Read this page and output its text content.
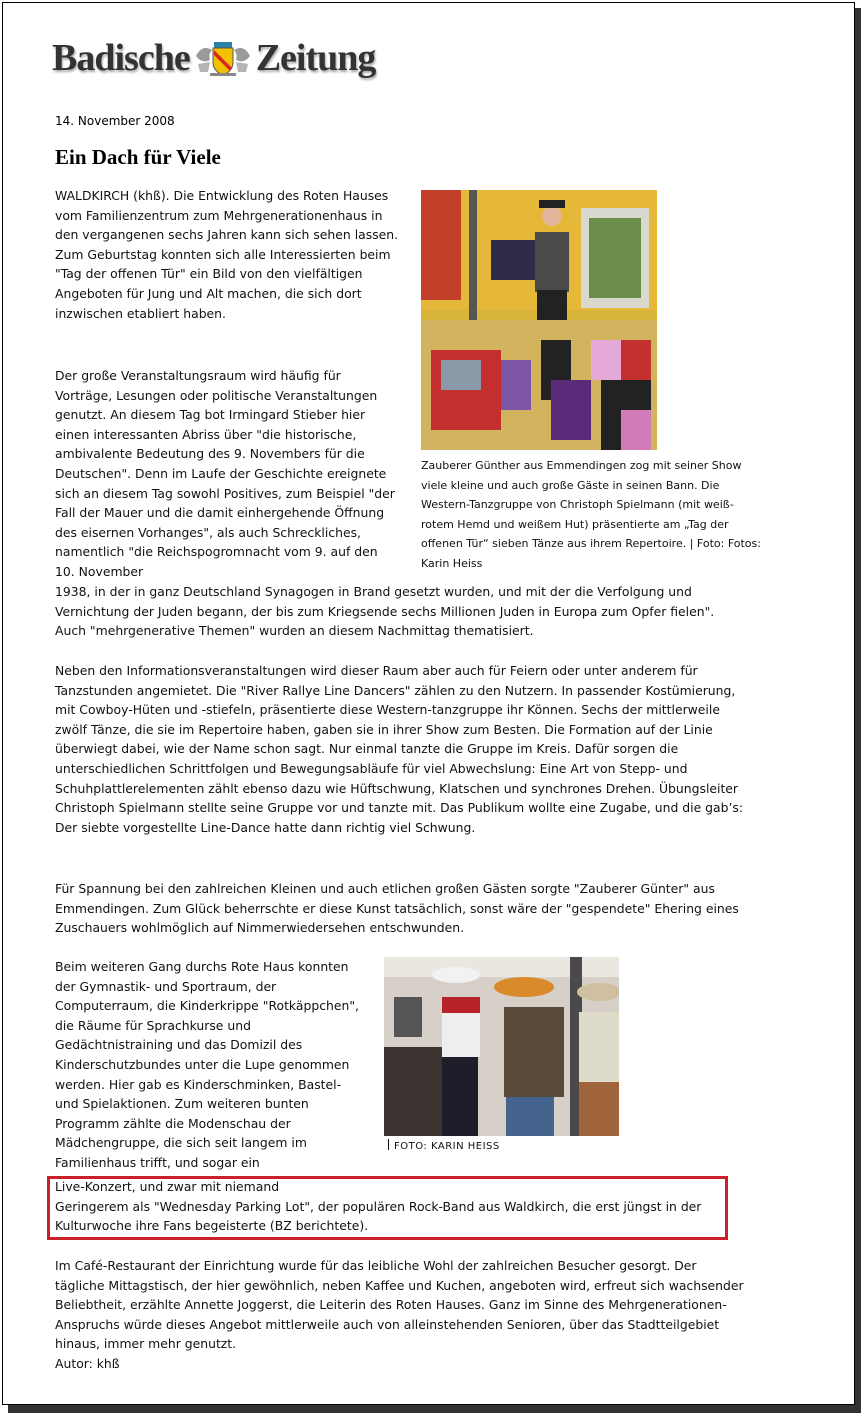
Badische Zeitung
14. November 2008
Ein Dach für Viele

WALDKIRCH (khß). Die Entwicklung des Roten Hauses vom Familienzentrum zum Mehrgenerationenhaus in den vergangenen sechs Jahren kann sich sehen lassen. Zum Geburtstag konnten sich alle Interessierten beim "Tag der offenen Tür" ein Bild von den vielfältigen Angeboten für Jung und Alt machen, die sich dort inzwischen etabliert haben.

Der große Veranstaltungsraum wird häufig für Vorträge, Lesungen oder politische Veranstaltungen genutzt. An diesem Tag bot Irmingard Stieber hier einen interessanten Abriss über "die historische, ambivalente Bedeutung des 9. Novembers für die Deutschen". Denn im Laufe der Geschichte ereignete sich an diesem Tag sowohl Positives, zum Beispiel "der Fall der Mauer und die damit einhergehende Öffnung des eisernen Vorhanges", als auch Schreckliches, namentlich "die Reichspogromnacht vom 9. auf den 10. November

1938, in der in ganz Deutschland Synagogen in Brand gesetzt wurden, und mit der die Verfolgung und Vernichtung der Juden begann, der bis zum Kriegsende sechs Millionen Juden in Europa zum Opfer fielen". Auch "mehrgenerative Themen" wurden an diesem Nachmittag thematisiert.

Zauberer Günther aus Emmendingen zog mit seiner Show viele kleine und auch große Gäste in seinen Bann. Die Western-Tanzgruppe von Christoph Spielmann (mit weiß-rotem Hemd und weißem Hut) präsentierte am „Tag der offenen Tür“ sieben Tänze aus ihrem Repertoire. | Foto: Fotos: Karin Heiss

Neben den Informationsveranstaltungen wird dieser Raum aber auch für Feiern oder unter anderem für Tanzstunden angemietet. Die "River Rallye Line Dancers" zählen zu den Nutzern. In passender Kostümierung, mit Cowboy-Hüten und -stiefeln, präsentierte diese Western-tanzgruppe ihr Können. Sechs der mittlerweile zwölf Tänze, die sie im Repertoire haben, gaben sie in ihrer Show zum Besten. Die Formation auf der Linie überwiegt dabei, wie der Name schon sagt. Nur einmal tanzte die Gruppe im Kreis. Dafür sorgen die unterschiedlichen Schrittfolgen und Bewegungsabläufe für viel Abwechslung: Eine Art von Stepp- und Schuhplattlerelementen zählt ebenso dazu wie Hüftschwung, Klatschen und synchrones Drehen. Übungsleiter Christoph Spielmann stellte seine Gruppe vor und tanzte mit. Das Publikum wollte eine Zugabe, und die gab’s: Der siebte vorgestellte Line-Dance hatte dann richtig viel Schwung.

Für Spannung bei den zahlreichen Kleinen und auch etlichen großen Gästen sorgte "Zauberer Günter" aus Emmendingen. Zum Glück beherrschte er diese Kunst tatsächlich, sonst wäre der "gespendete" Ehering eines Zuschauers wohlmöglich auf Nimmerwiedersehen entschwunden.

Beim weiteren Gang durchs Rote Haus konnten der Gymnastik- und Sportraum, der Computerraum, die Kinderkrippe "Rotkäppchen", die Räume für Sprachkurse und Gedächtnistraining und das Domizil des Kinderschutzbundes unter die Lupe genommen werden. Hier gab es Kinderschminken, Bastel- und Spielaktionen. Zum weiteren bunten Programm zählte die Modenschau der Mädchengruppe, die sich seit langem im Familienhaus trifft, und sogar ein

FOTO: KARIN HEISS

Live-Konzert, und zwar mit niemand

Geringerem als "Wednesday Parking Lot", der populären Rock-Band aus Waldkirch, die erst jüngst in der Kulturwoche ihre Fans begeisterte (BZ berichtete).

Im Café-Restaurant der Einrichtung wurde für das leibliche Wohl der zahlreichen Besucher gesorgt. Der tägliche Mittagstisch, der hier gewöhnlich, neben Kaffee und Kuchen, angeboten wird, erfreut sich wachsender Beliebtheit, erzählte Annette Joggerst, die Leiterin des Roten Hauses. Ganz im Sinne des Mehrgenerationen-Anspruchs würde dieses Angebot mittlerweile auch von alleinstehenden Senioren, über das Stadtteilgebiet hinaus, immer mehr genutzt.

Autor: khß
